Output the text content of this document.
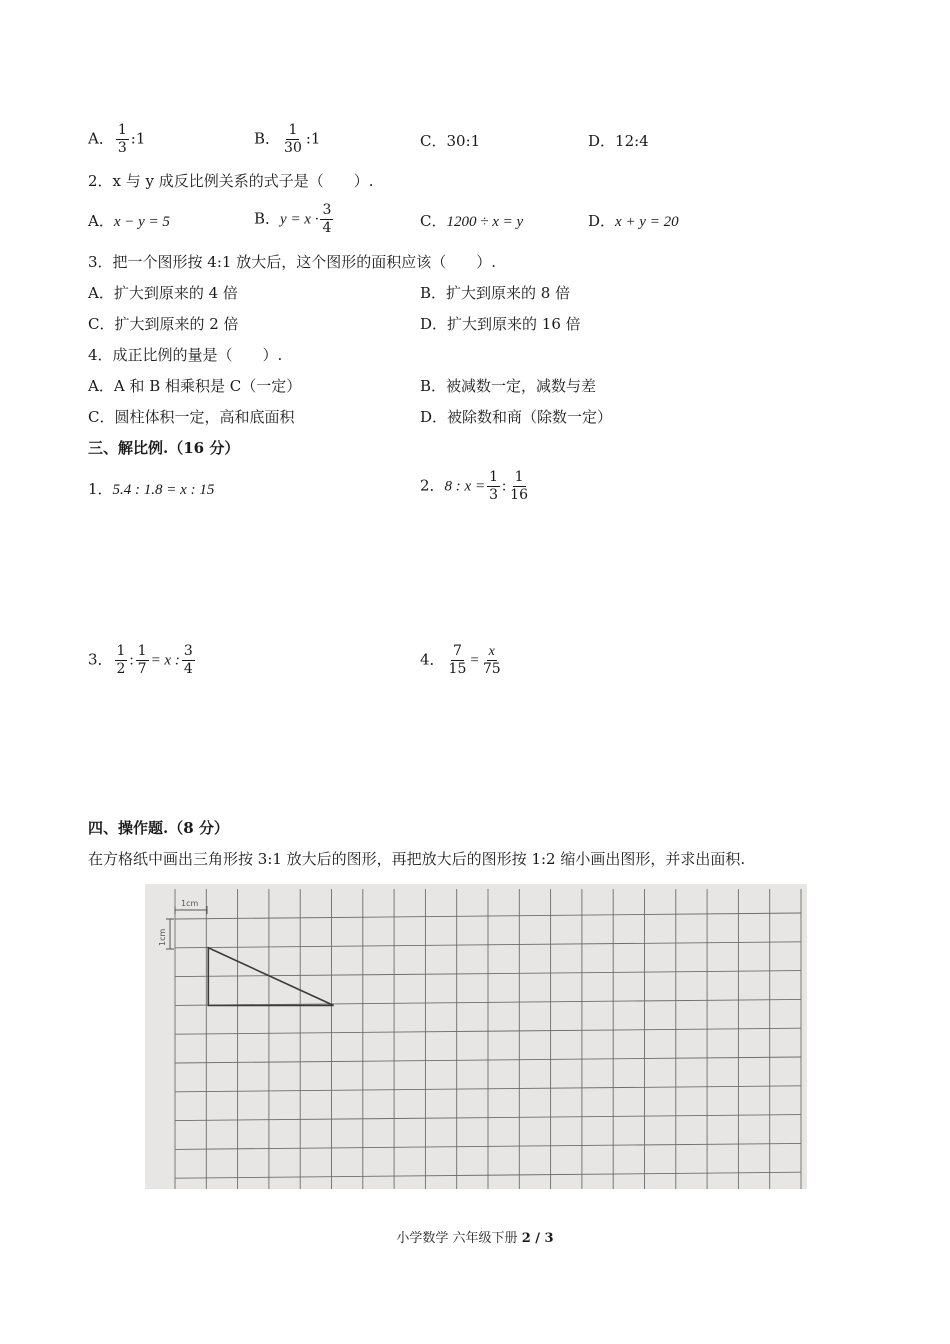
A． $\frac{1}{3}$ :1	B． $\frac{1}{30}$ :1	C．30:1	D．12:4
2．x 与 y 成反比例关系的式子是（　　）.
A．x − y = 5	B．$y = x \cdot \frac{3}{4}$	C．1200 ÷ x = y	D．x + y = 20
3．把一个图形按 4:1 放大后，这个图形的面积应该（　　）.
A．扩大到原来的 4 倍	B．扩大到原来的 8 倍
C．扩大到原来的 2 倍	D．扩大到原来的 16 倍
4．成正比例的量是（　　）.
A．A 和 B 相乘积是 C（一定）	B．被减数一定，减数与差
C．圆柱体积一定，高和底面积	D．被除数和商（除数一定）
三、解比例.（16 分）
1．5.4 : 1.8 = x : 15	2．8 : $x = \frac{1}{3}$ : $\frac{1}{16}$
3． $\frac{1}{2}$ : $\frac{1}{7} = x$ : $\frac{3}{4}$	4． $\frac{7}{15} = \frac{x}{75}$
四、操作题.（8 分）
在方格纸中画出三角形按 3:1 放大后的图形，再把放大后的图形按 1:2 缩小画出图形，并求出面积.
1cm
1cm
小学数学 六年级下册 2 / 3
